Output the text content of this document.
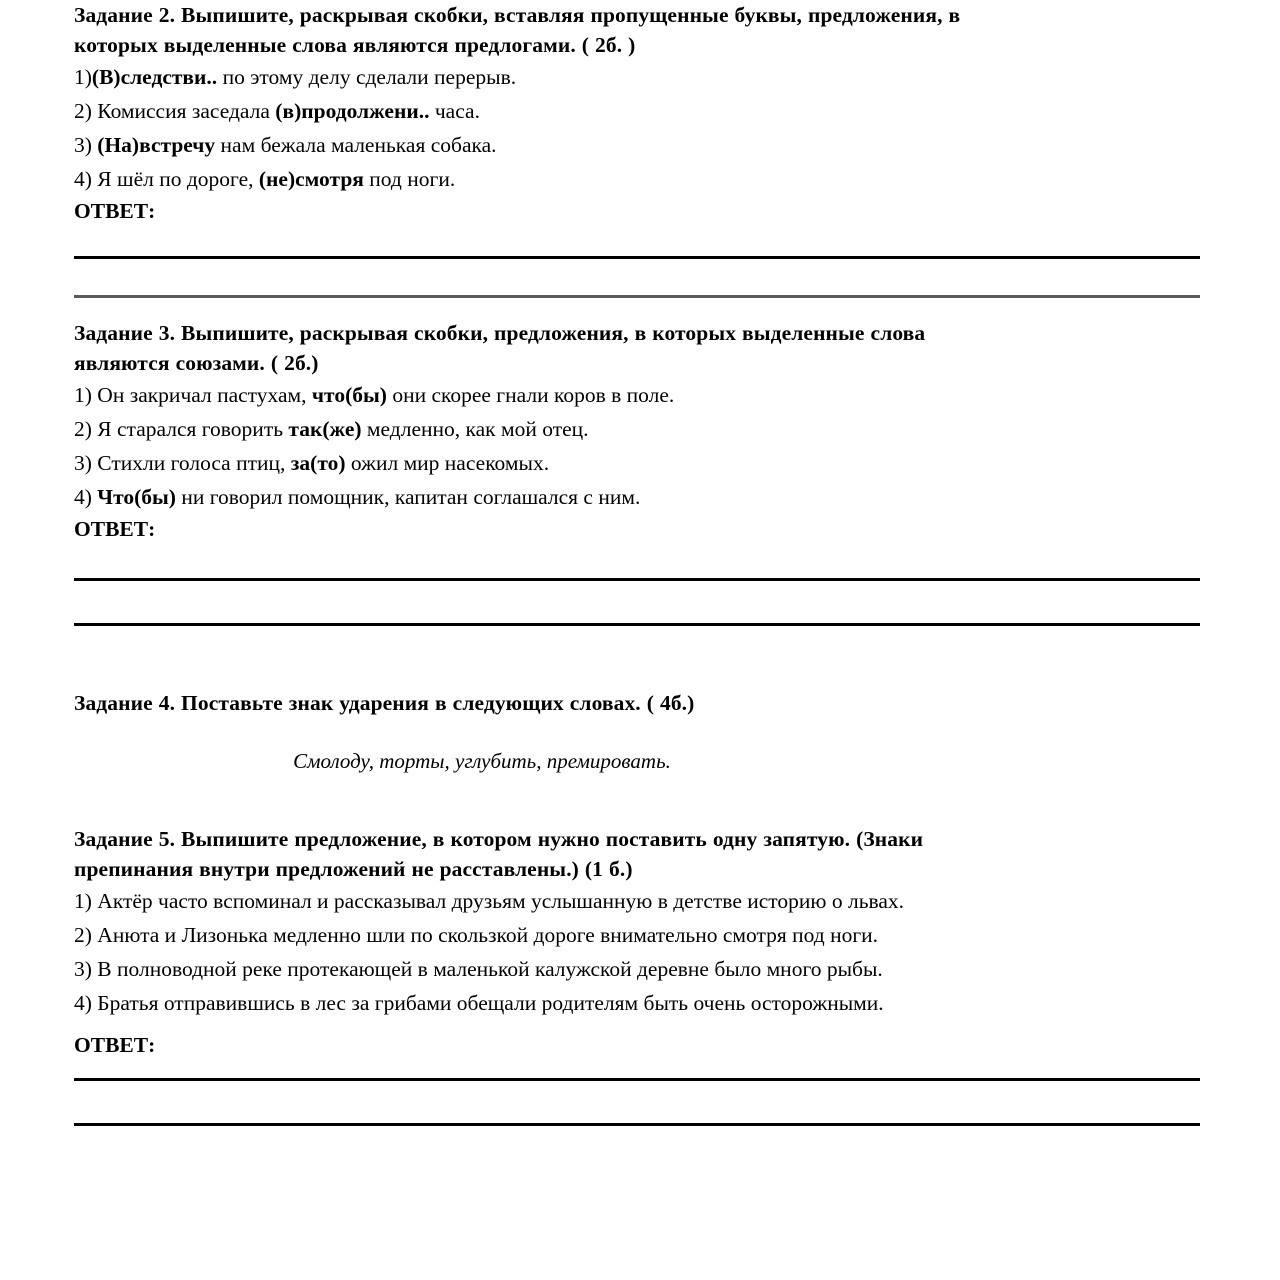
Задание 2. Выпишите, раскрывая скобки, вставляя пропущенные буквы, предложения, в

которых выделенные слова являются предлогами. ( 2б. )

1)(В)следстви.. по этому делу сделали перерыв.

2) Комиссия заседала (в)продолжени.. часа.

3) (На)встречу нам бежала маленькая собака.

4) Я шёл по дороге, (не)смотря под ноги.

ОТВЕТ:

Задание 3. Выпишите, раскрывая скобки, предложения, в которых выделенные слова

являются союзами. ( 2б.)

1) Он закричал пастухам, что(бы) они скорее гнали коров в поле.

2) Я старался говорить так(же) медленно, как мой отец.

3) Стихли голоса птиц, за(то) ожил мир насекомых.

4) Что(бы) ни говорил помощник, капитан соглашался с ним.

ОТВЕТ:

Задание 4. Поставьте знак ударения в следующих словах. ( 4б.)

Смолоду, торты, углубить, премировать.

Задание 5. Выпишите предложение, в котором нужно поставить одну запятую. (Знаки

препинания внутри предложений не расставлены.) (1 б.)

1) Актёр часто вспоминал и рассказывал друзьям услышанную в детстве историю о львах.

2) Анюта и Лизонька медленно шли по скользкой дороге внимательно смотря под ноги.

3) В полноводной реке протекающей в маленькой калужской деревне было много рыбы.

4) Братья отправившись в лес за грибами обещали родителям быть очень осторожными.

ОТВЕТ:
